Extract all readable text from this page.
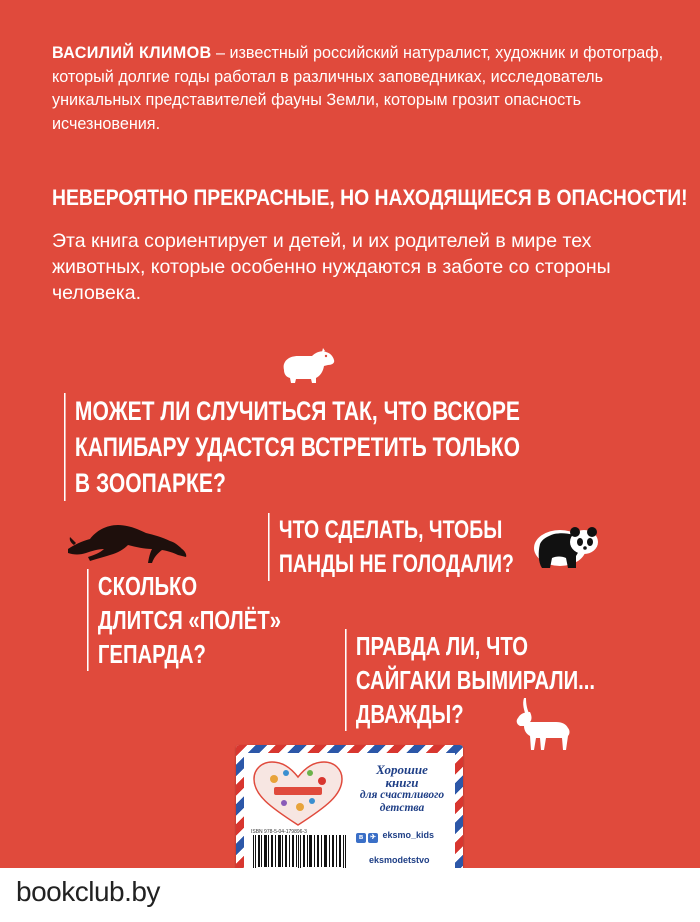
ВАСИЛИЙ КЛИМОВ – известный российский натуралист, художник и фотограф, который долгие годы работал в различных заповедниках, исследователь уникальных представителей фауны Земли, которым грозит опасность исчезновения.
НЕВЕРОЯТНО ПРЕКРАСНЫЕ, НО НАХОДЯЩИЕСЯ В ОПАСНОСТИ!
Эта книга сориентирует и детей, и их родителей в мире тех животных, которые особенно нуждаются в заботе со стороны человека.
МОЖЕТ ЛИ СЛУЧИТЬСЯ ТАК, ЧТО ВСКОРЕ
КАПИБАРУ УДАСТСЯ ВСТРЕТИТЬ ТОЛЬКО
В ЗООПАРКЕ?
ЧТО СДЕЛАТЬ, ЧТОБЫ
ПАНДЫ НЕ ГОЛОДАЛИ?
СКОЛЬКО
ДЛИТСЯ «ПОЛЁТ»
ГЕПАРДА?	ПРАВДА ЛИ, ЧТО
САЙГАКИ ВЫМИРАЛИ...
ДВАЖДЫ?
Хорошие
книги
для счастливого
детства
ISBN 978-5-04-179896-3
в ✈ eksmo_kids
eksmodetstvo
bookclub.by
